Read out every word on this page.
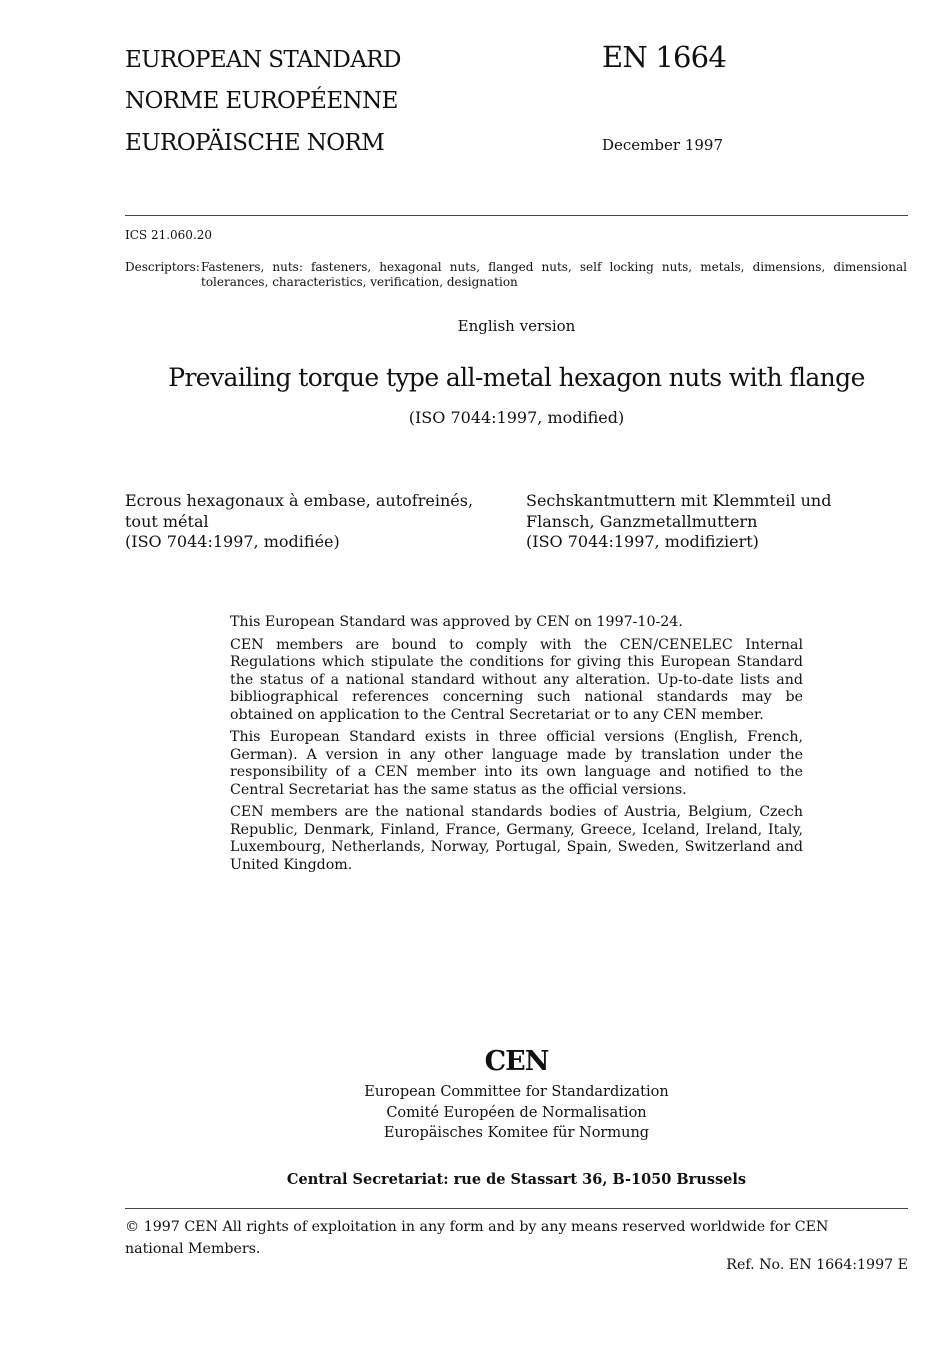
EUROPEAN STANDARD
NORME EUROPÉENNE
EUROPÄISCHE NORM
EN 1664
December 1997
ICS 21.060.20
Descriptors: Fasteners, nuts: fasteners, hexagonal nuts, flanged nuts, self locking nuts, metals, dimensions, dimensional tolerances, characteristics, verification, designation
English version
Prevailing torque type all-metal hexagon nuts with flange
(ISO 7044:1997, modified)
Ecrous hexagonaux à embase, autofreinés,
tout métal
(ISO 7044:1997, modifiée)
Sechskantmuttern mit Klemmteil und
Flansch, Ganzmetallmuttern
(ISO 7044:1997, modifiziert)

This European Standard was approved by CEN on 1997-10-24.

CEN members are bound to comply with the CEN/CENELEC Internal Regulations which stipulate the conditions for giving this European Standard the status of a national standard without any alteration. Up-to-date lists and bibliographical references concerning such national standards may be obtained on application to the Central Secretariat or to any CEN member.

This European Standard exists in three official versions (English, French, German). A version in any other language made by translation under the responsibility of a CEN member into its own language and notified to the Central Secretariat has the same status as the official versions.

CEN members are the national standards bodies of Austria, Belgium, Czech Republic, Denmark, Finland, France, Germany, Greece, Iceland, Ireland, Italy, Luxembourg, Netherlands, Norway, Portugal, Spain, Sweden, Switzerland and United Kingdom.

CEN
European Committee for Standardization
Comité Européen de Normalisation
Europäisches Komitee für Normung
Central Secretariat: rue de Stassart 36, B-1050 Brussels
© 1997 CEN All rights of exploitation in any form and by any means reserved worldwide for CEN national Members.
Ref. No. EN 1664:1997 E
